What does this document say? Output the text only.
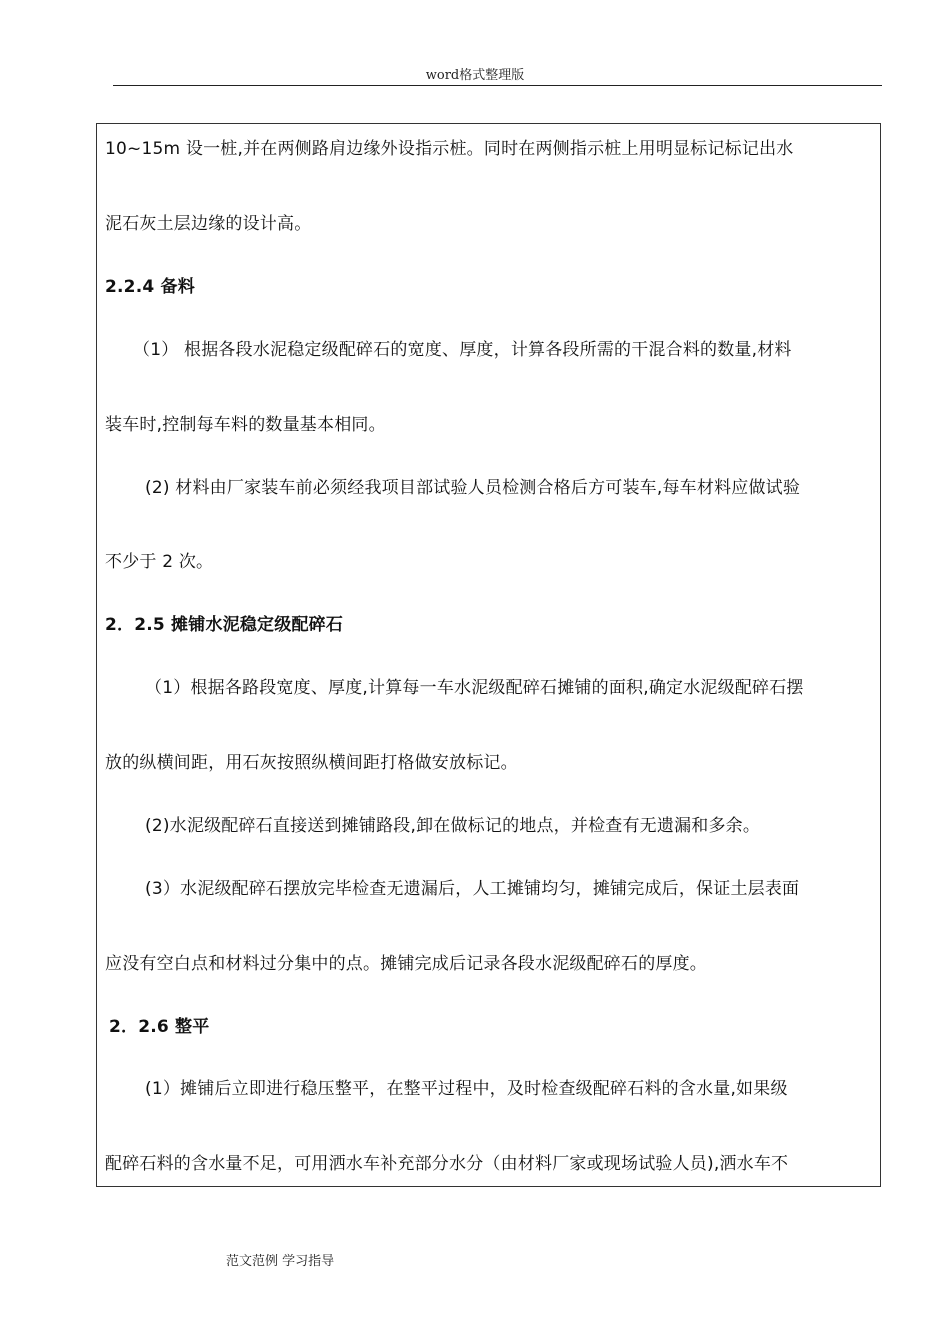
word格式整理版
10~15m 设一桩,并在两侧路肩边缘外设指示桩。同时在两侧指示桩上用明显标记标记出水
泥石灰土层边缘的设计高。
2.2.4 备料
（1） 根据各段水泥稳定级配碎石的宽度、厚度，计算各段所需的干混合料的数量,材料
装车时,控制每车料的数量基本相同。
(2) 材料由厂家装车前必须经我项目部试验人员检测合格后方可装车,每车材料应做试验
不少于 2 次。
2．2.5 摊铺水泥稳定级配碎石
（1）根据各路段宽度、厚度,计算每一车水泥级配碎石摊铺的面积,确定水泥级配碎石摆
放的纵横间距，用石灰按照纵横间距打格做安放标记。
(2)水泥级配碎石直接送到摊铺路段,卸在做标记的地点，并检查有无遗漏和多余。
(3）水泥级配碎石摆放完毕检查无遗漏后，人工摊铺均匀，摊铺完成后，保证土层表面
应没有空白点和材料过分集中的点。摊铺完成后记录各段水泥级配碎石的厚度。
2．2.6 整平
(1）摊铺后立即进行稳压整平，在整平过程中，及时检查级配碎石料的含水量,如果级
配碎石料的含水量不足，可用洒水车补充部分水分（由材料厂家或现场试验人员),洒水车不
范文范例 学习指导
